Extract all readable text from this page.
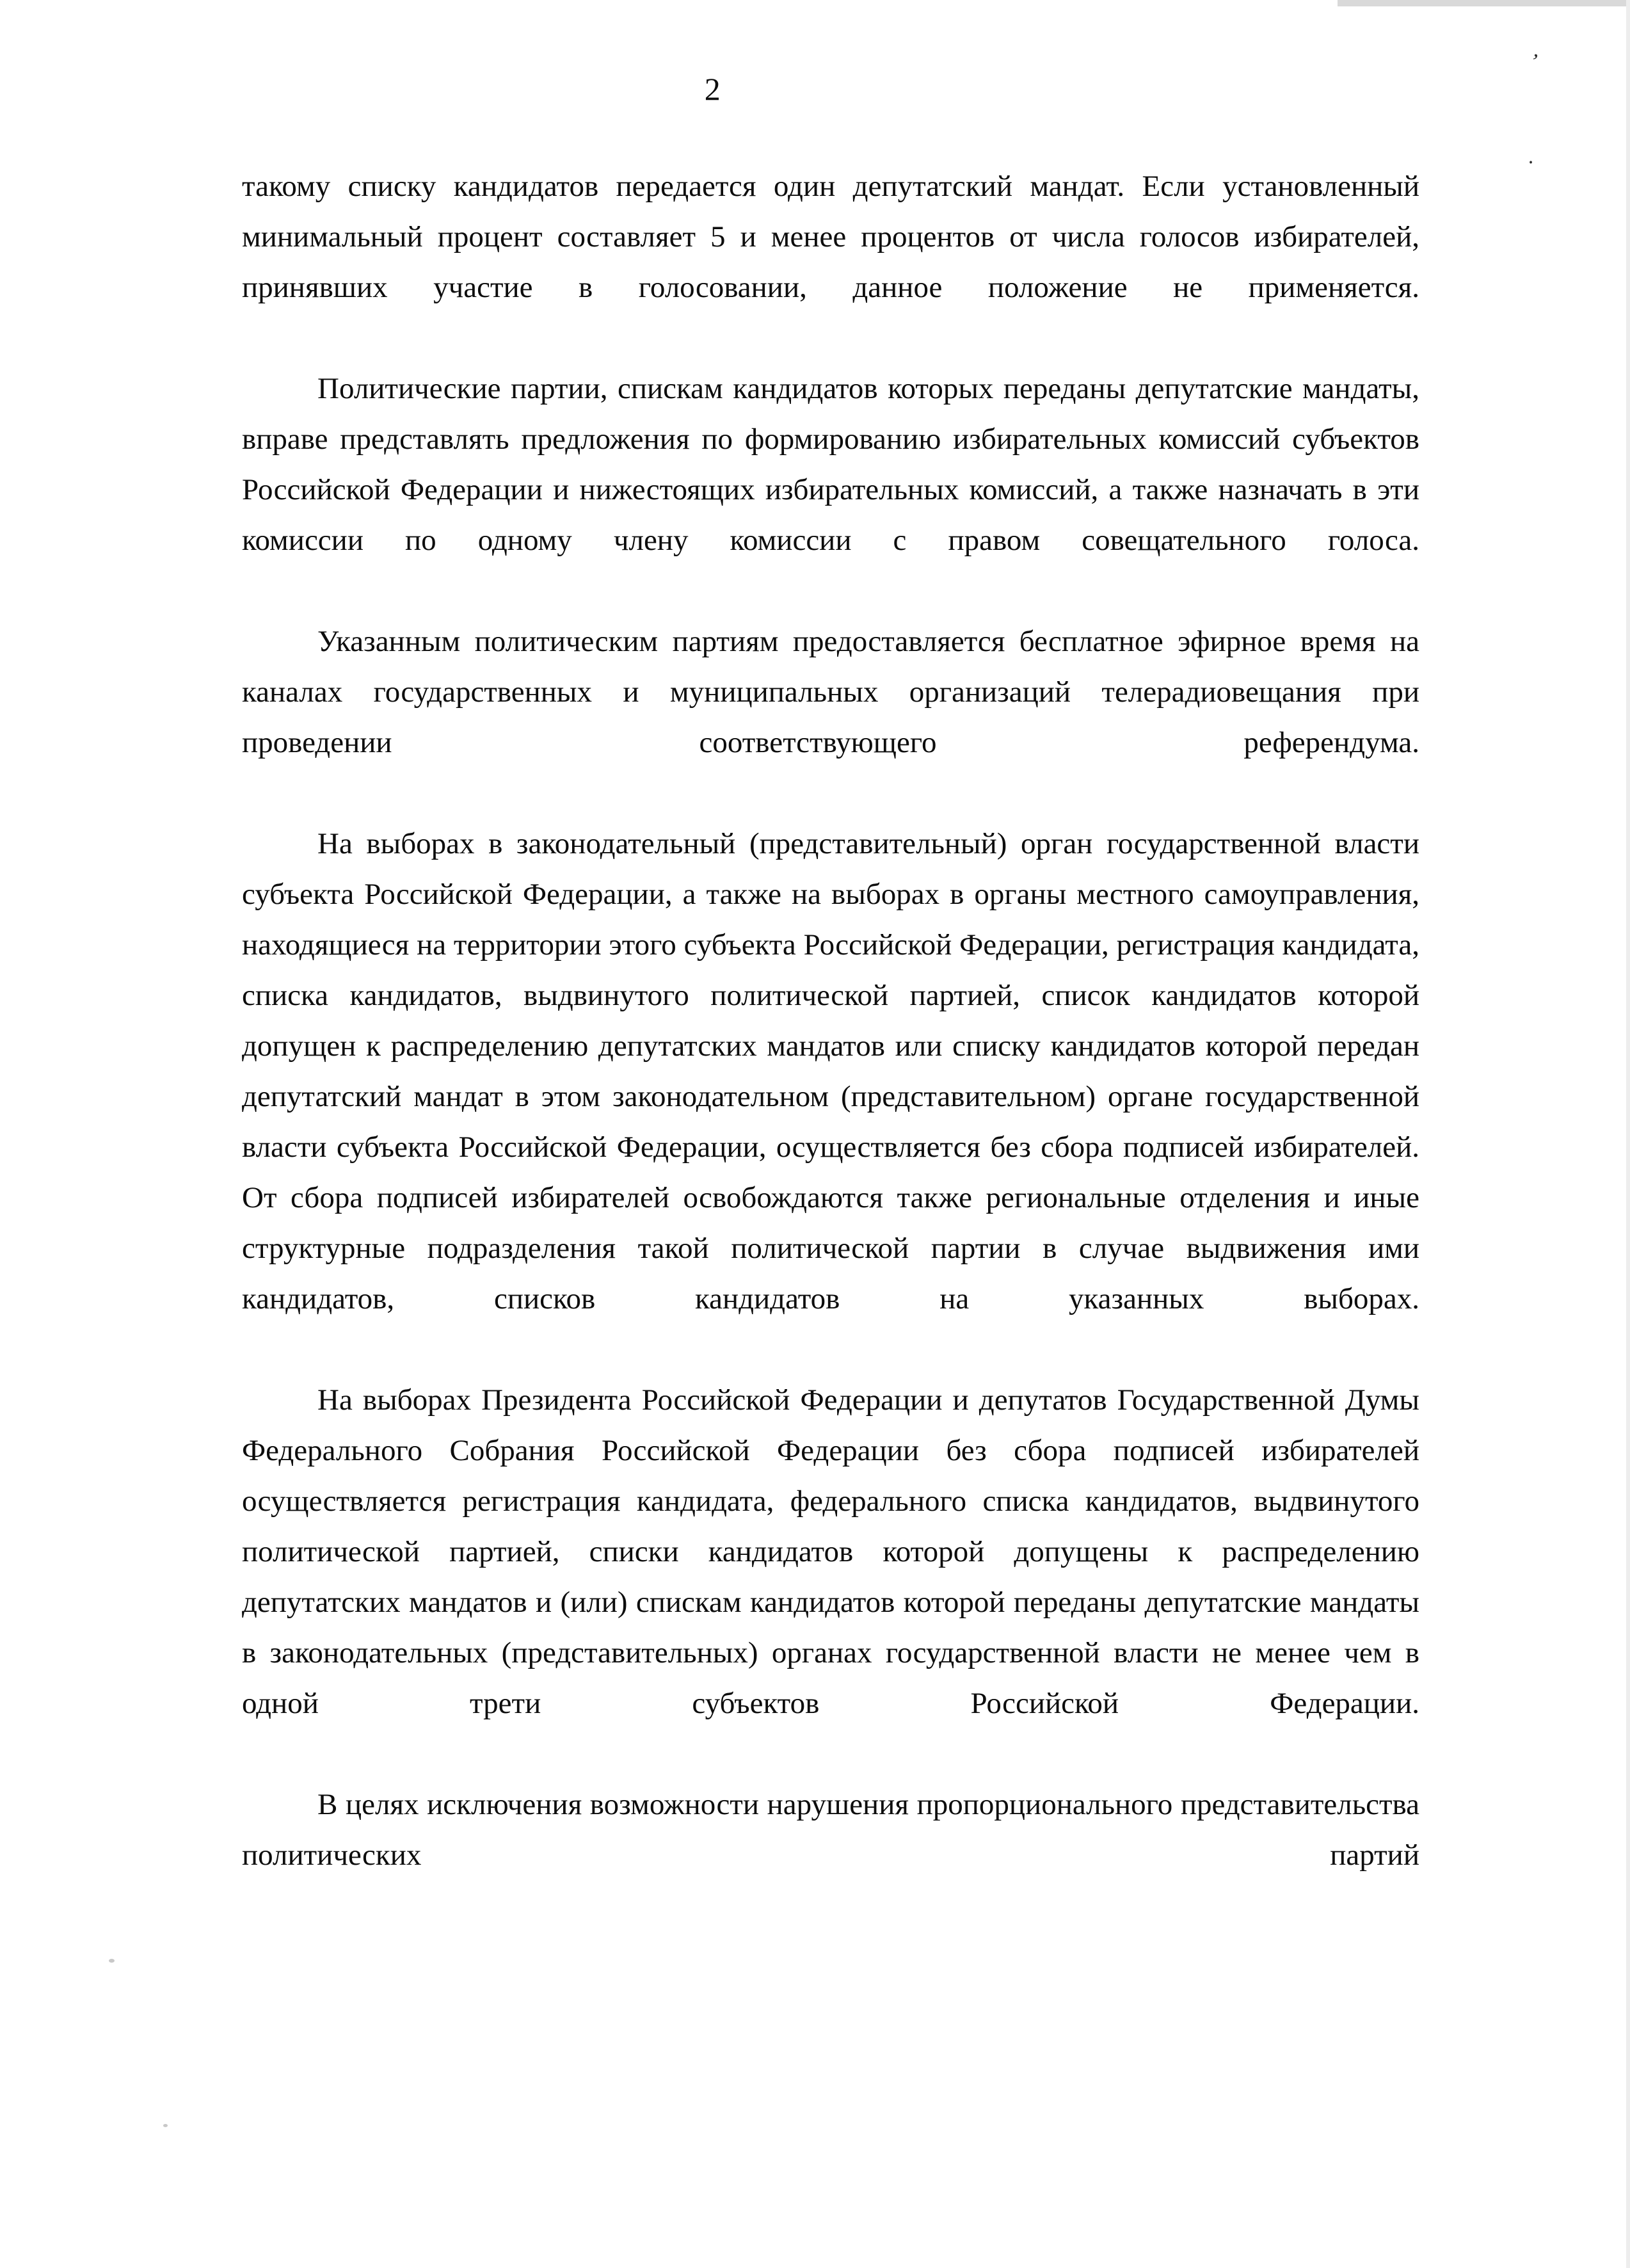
’
⸱
2

такому списку кандидатов передается один депутатский мандат. Если установленный минимальный процент составляет 5 и менее процентов от числа голосов избирателей, принявших участие в голосовании, данное положение не применяется.

Политические партии, спискам кандидатов которых переданы депутатские мандаты, вправе представлять предложения по формированию избирательных комиссий субъектов Российской Федерации и нижестоящих избирательных комиссий, а также назначать в эти комиссии по одному члену комиссии с правом совещательного голоса.

Указанным политическим партиям предоставляется бесплатное эфирное время на каналах государственных и муниципальных организаций телерадиовещания при проведении соответствующего референдума.

На выборах в законодательный (представительный) орган государственной власти субъекта Российской Федерации, а также на выборах в органы местного самоуправления, находящиеся на территории этого субъекта Российской Федерации, регистрация кандидата, списка кандидатов, выдвинутого политической партией, список кандидатов которой допущен к распределению депутатских мандатов или списку кандидатов которой передан депутатский мандат в этом законодательном (представительном) органе государственной власти субъекта Российской Федерации, осуществляется без сбора подписей избирателей. От сбора подписей избирателей освобождаются также региональные отделения и иные структурные подразделения такой политической партии в случае выдвижения ими кандидатов, списков кандидатов на указанных выборах.

На выборах Президента Российской Федерации и депутатов Государственной Думы Федерального Собрания Российской Федерации без сбора подписей избирателей осуществляется регистрация кандидата, федерального списка кандидатов, выдвинутого политической партией, списки кандидатов которой допущены к распределению депутатских мандатов и (или) спискам кандидатов которой переданы депутатские мандаты в законодательных (представительных) органах государственной власти не менее чем в одной трети субъектов Российской Федерации.

В целях исключения возможности нарушения пропорционального представительства политических партий
